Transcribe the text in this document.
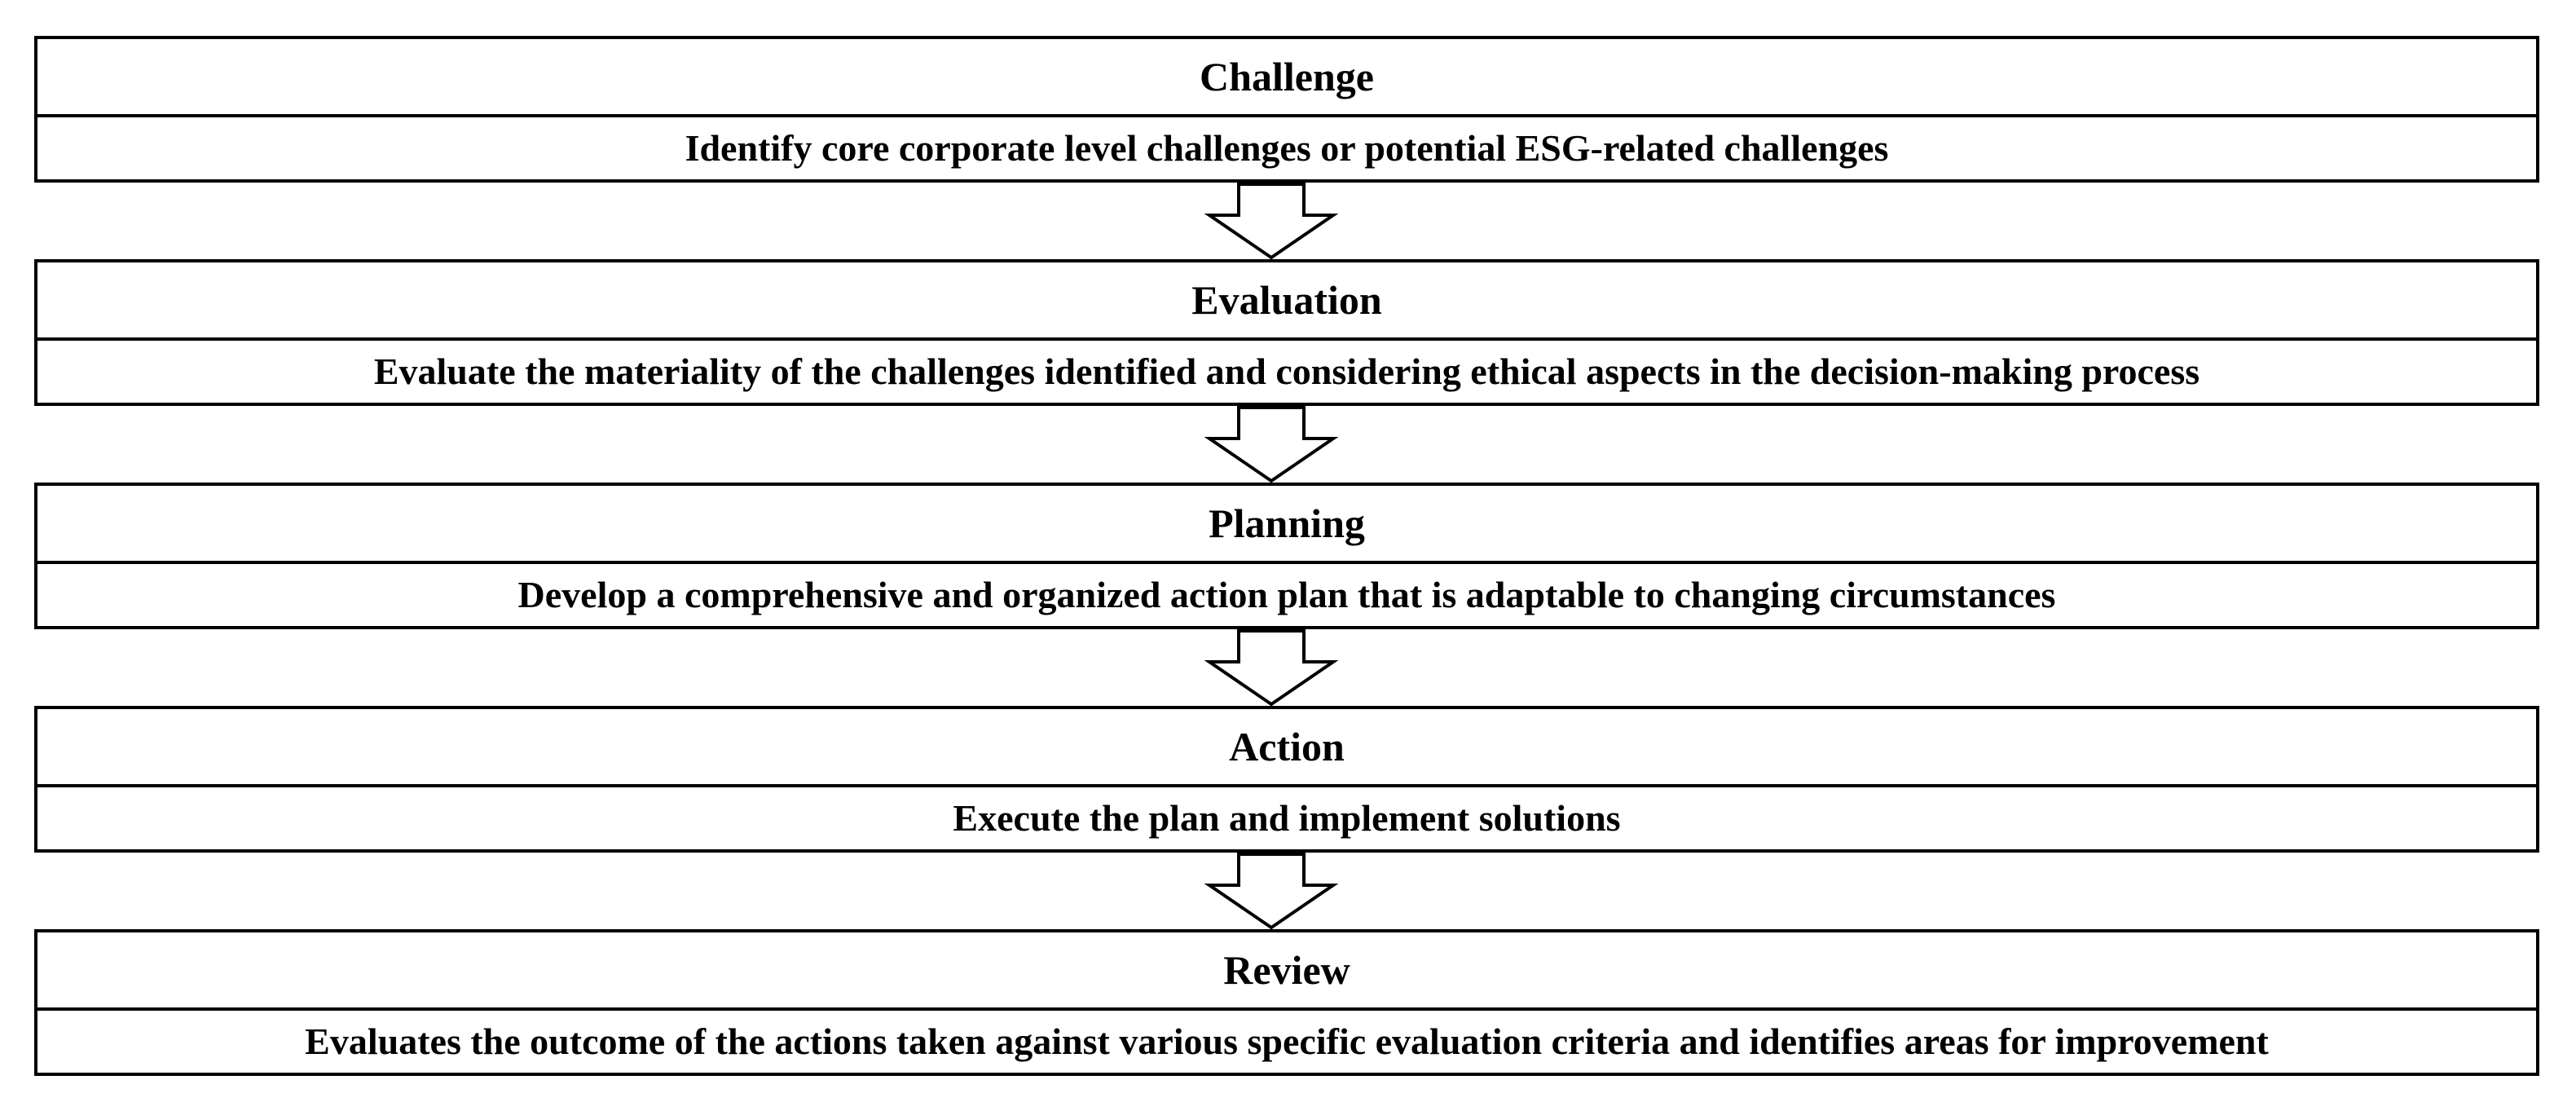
Challenge
Identify core corporate level challenges or potential ESG-related challenges
Evaluation
Evaluate the materiality of the challenges identified and considering ethical aspects in the decision-making process
Planning
Develop a comprehensive and organized action plan that is adaptable to changing circumstances
Action
Execute the plan and implement solutions
Review
Evaluates the outcome of the actions taken against various specific evaluation criteria and identifies areas for improvement
